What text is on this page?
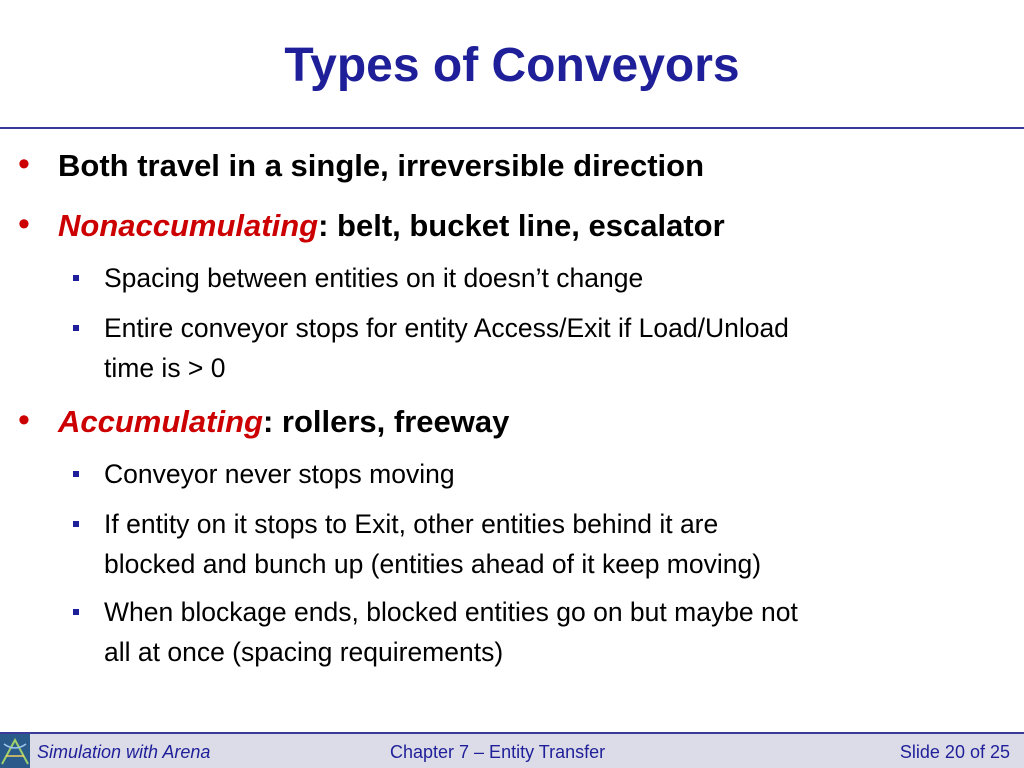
Types of Conveyors
• Both travel in a single, irreversible direction
• Nonaccumulating: belt, bucket line, escalator
Spacing between entities on it doesn’t change
Entire conveyor stops for entity Access/Exit if Load/Unload
time is > 0
• Accumulating: rollers, freeway
Conveyor never stops moving
If entity on it stops to Exit, other entities behind it are
blocked and bunch up (entities ahead of it keep moving)
When blockage ends, blocked entities go on but maybe not
all at once (spacing requirements)
Simulation with Arena	Chapter 7 – Entity Transfer	Slide 20 of 25
